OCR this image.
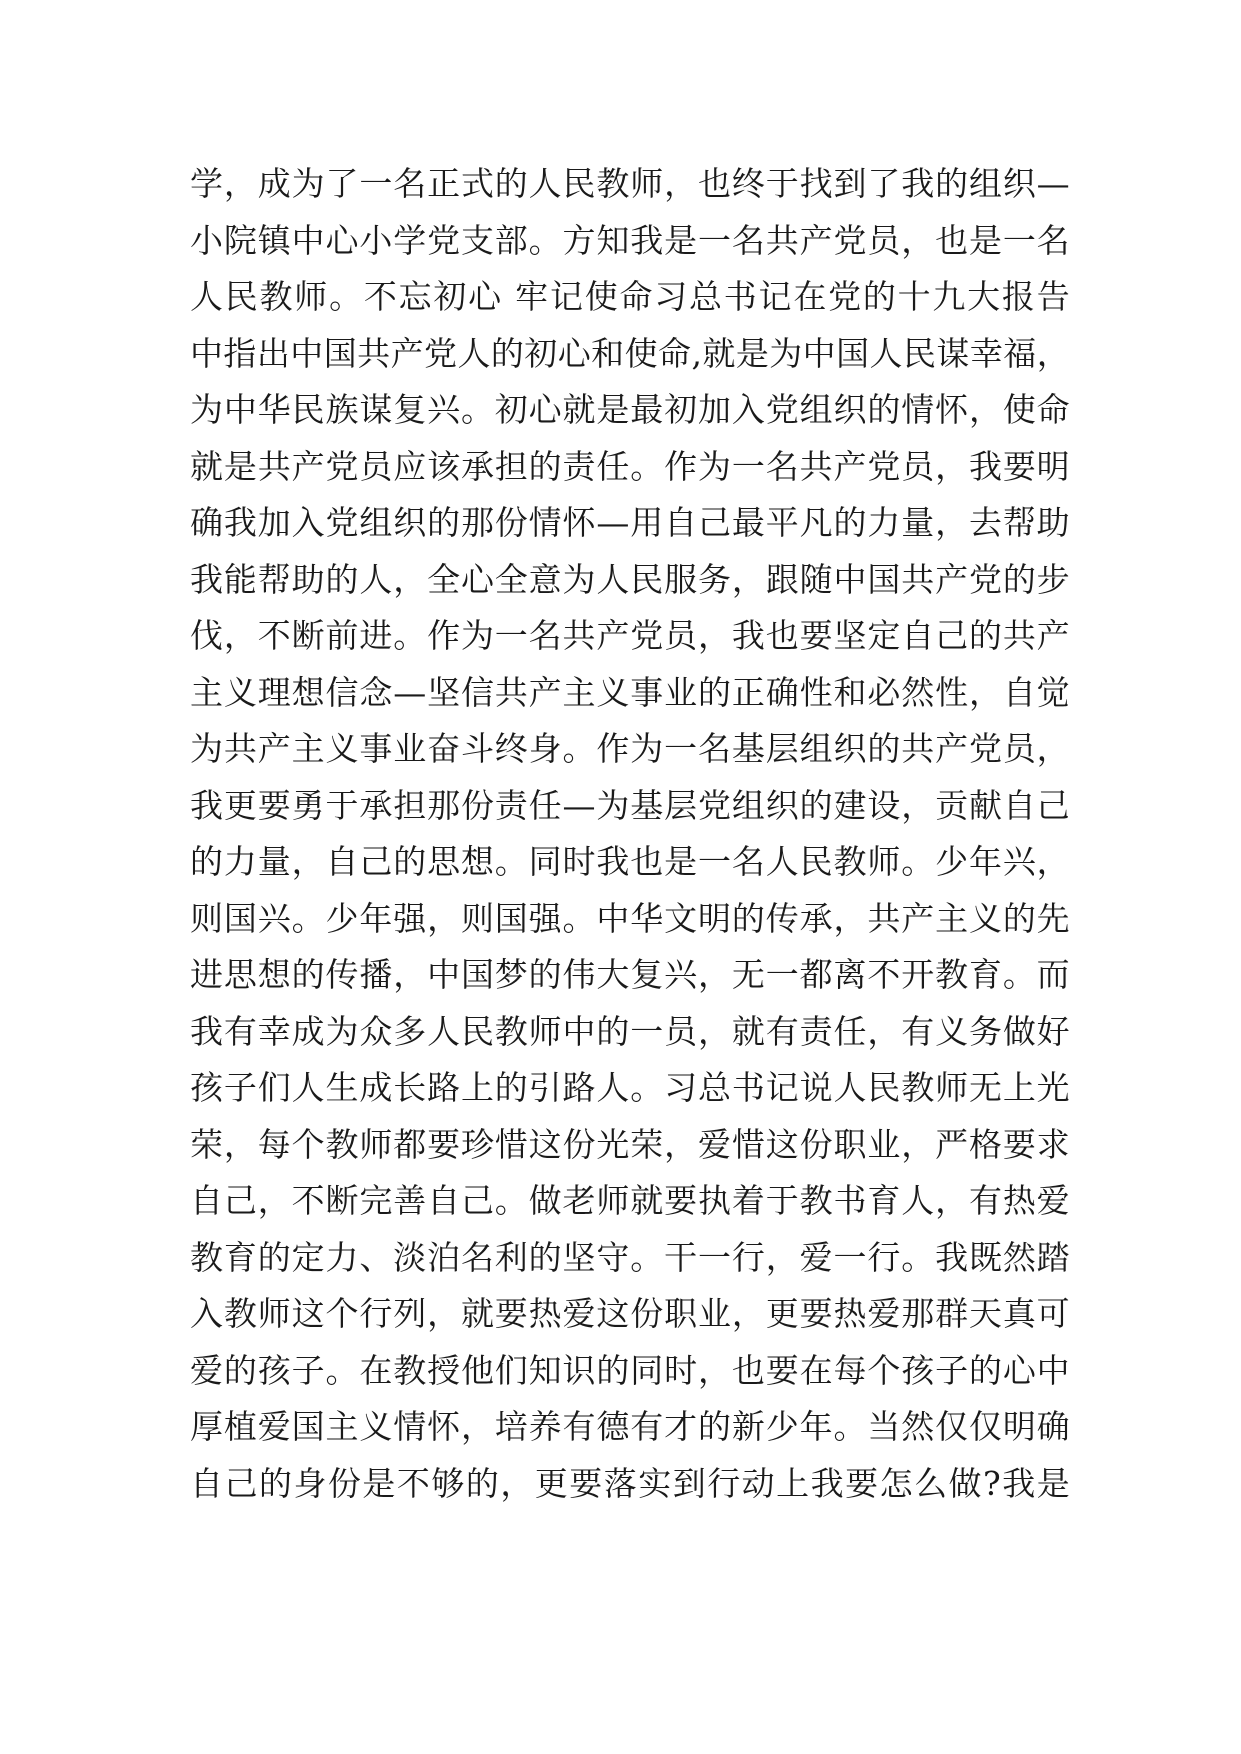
学，成为了一名正式的人民教师，也终于找到了我的组织—
小院镇中心小学党支部。方知我是一名共产党员，也是一名
人民教师。不忘初心 牢记使命习总书记在党的十九大报告
中指出中国共产党人的初心和使命,就是为中国人民谋幸福，
为中华民族谋复兴。初心就是最初加入党组织的情怀，使命
就是共产党员应该承担的责任。作为一名共产党员，我要明
确我加入党组织的那份情怀—用自己最平凡的力量，去帮助
我能帮助的人，全心全意为人民服务，跟随中国共产党的步
伐，不断前进。作为一名共产党员，我也要坚定自己的共产
主义理想信念—坚信共产主义事业的正确性和必然性，自觉
为共产主义事业奋斗终身。作为一名基层组织的共产党员，
我更要勇于承担那份责任—为基层党组织的建设，贡献自己
的力量，自己的思想。同时我也是一名人民教师。少年兴，
则国兴。少年强，则国强。中华文明的传承，共产主义的先
进思想的传播，中国梦的伟大复兴，无一都离不开教育。而
我有幸成为众多人民教师中的一员，就有责任，有义务做好
孩子们人生成长路上的引路人。习总书记说人民教师无上光
荣，每个教师都要珍惜这份光荣，爱惜这份职业，严格要求
自己，不断完善自己。做老师就要执着于教书育人，有热爱
教育的定力、淡泊名利的坚守。干一行，爱一行。我既然踏
入教师这个行列，就要热爱这份职业，更要热爱那群天真可
爱的孩子。在教授他们知识的同时，也要在每个孩子的心中
厚植爱国主义情怀，培养有德有才的新少年。当然仅仅明确
自己的身份是不够的，更要落实到行动上我要怎么做?我是
